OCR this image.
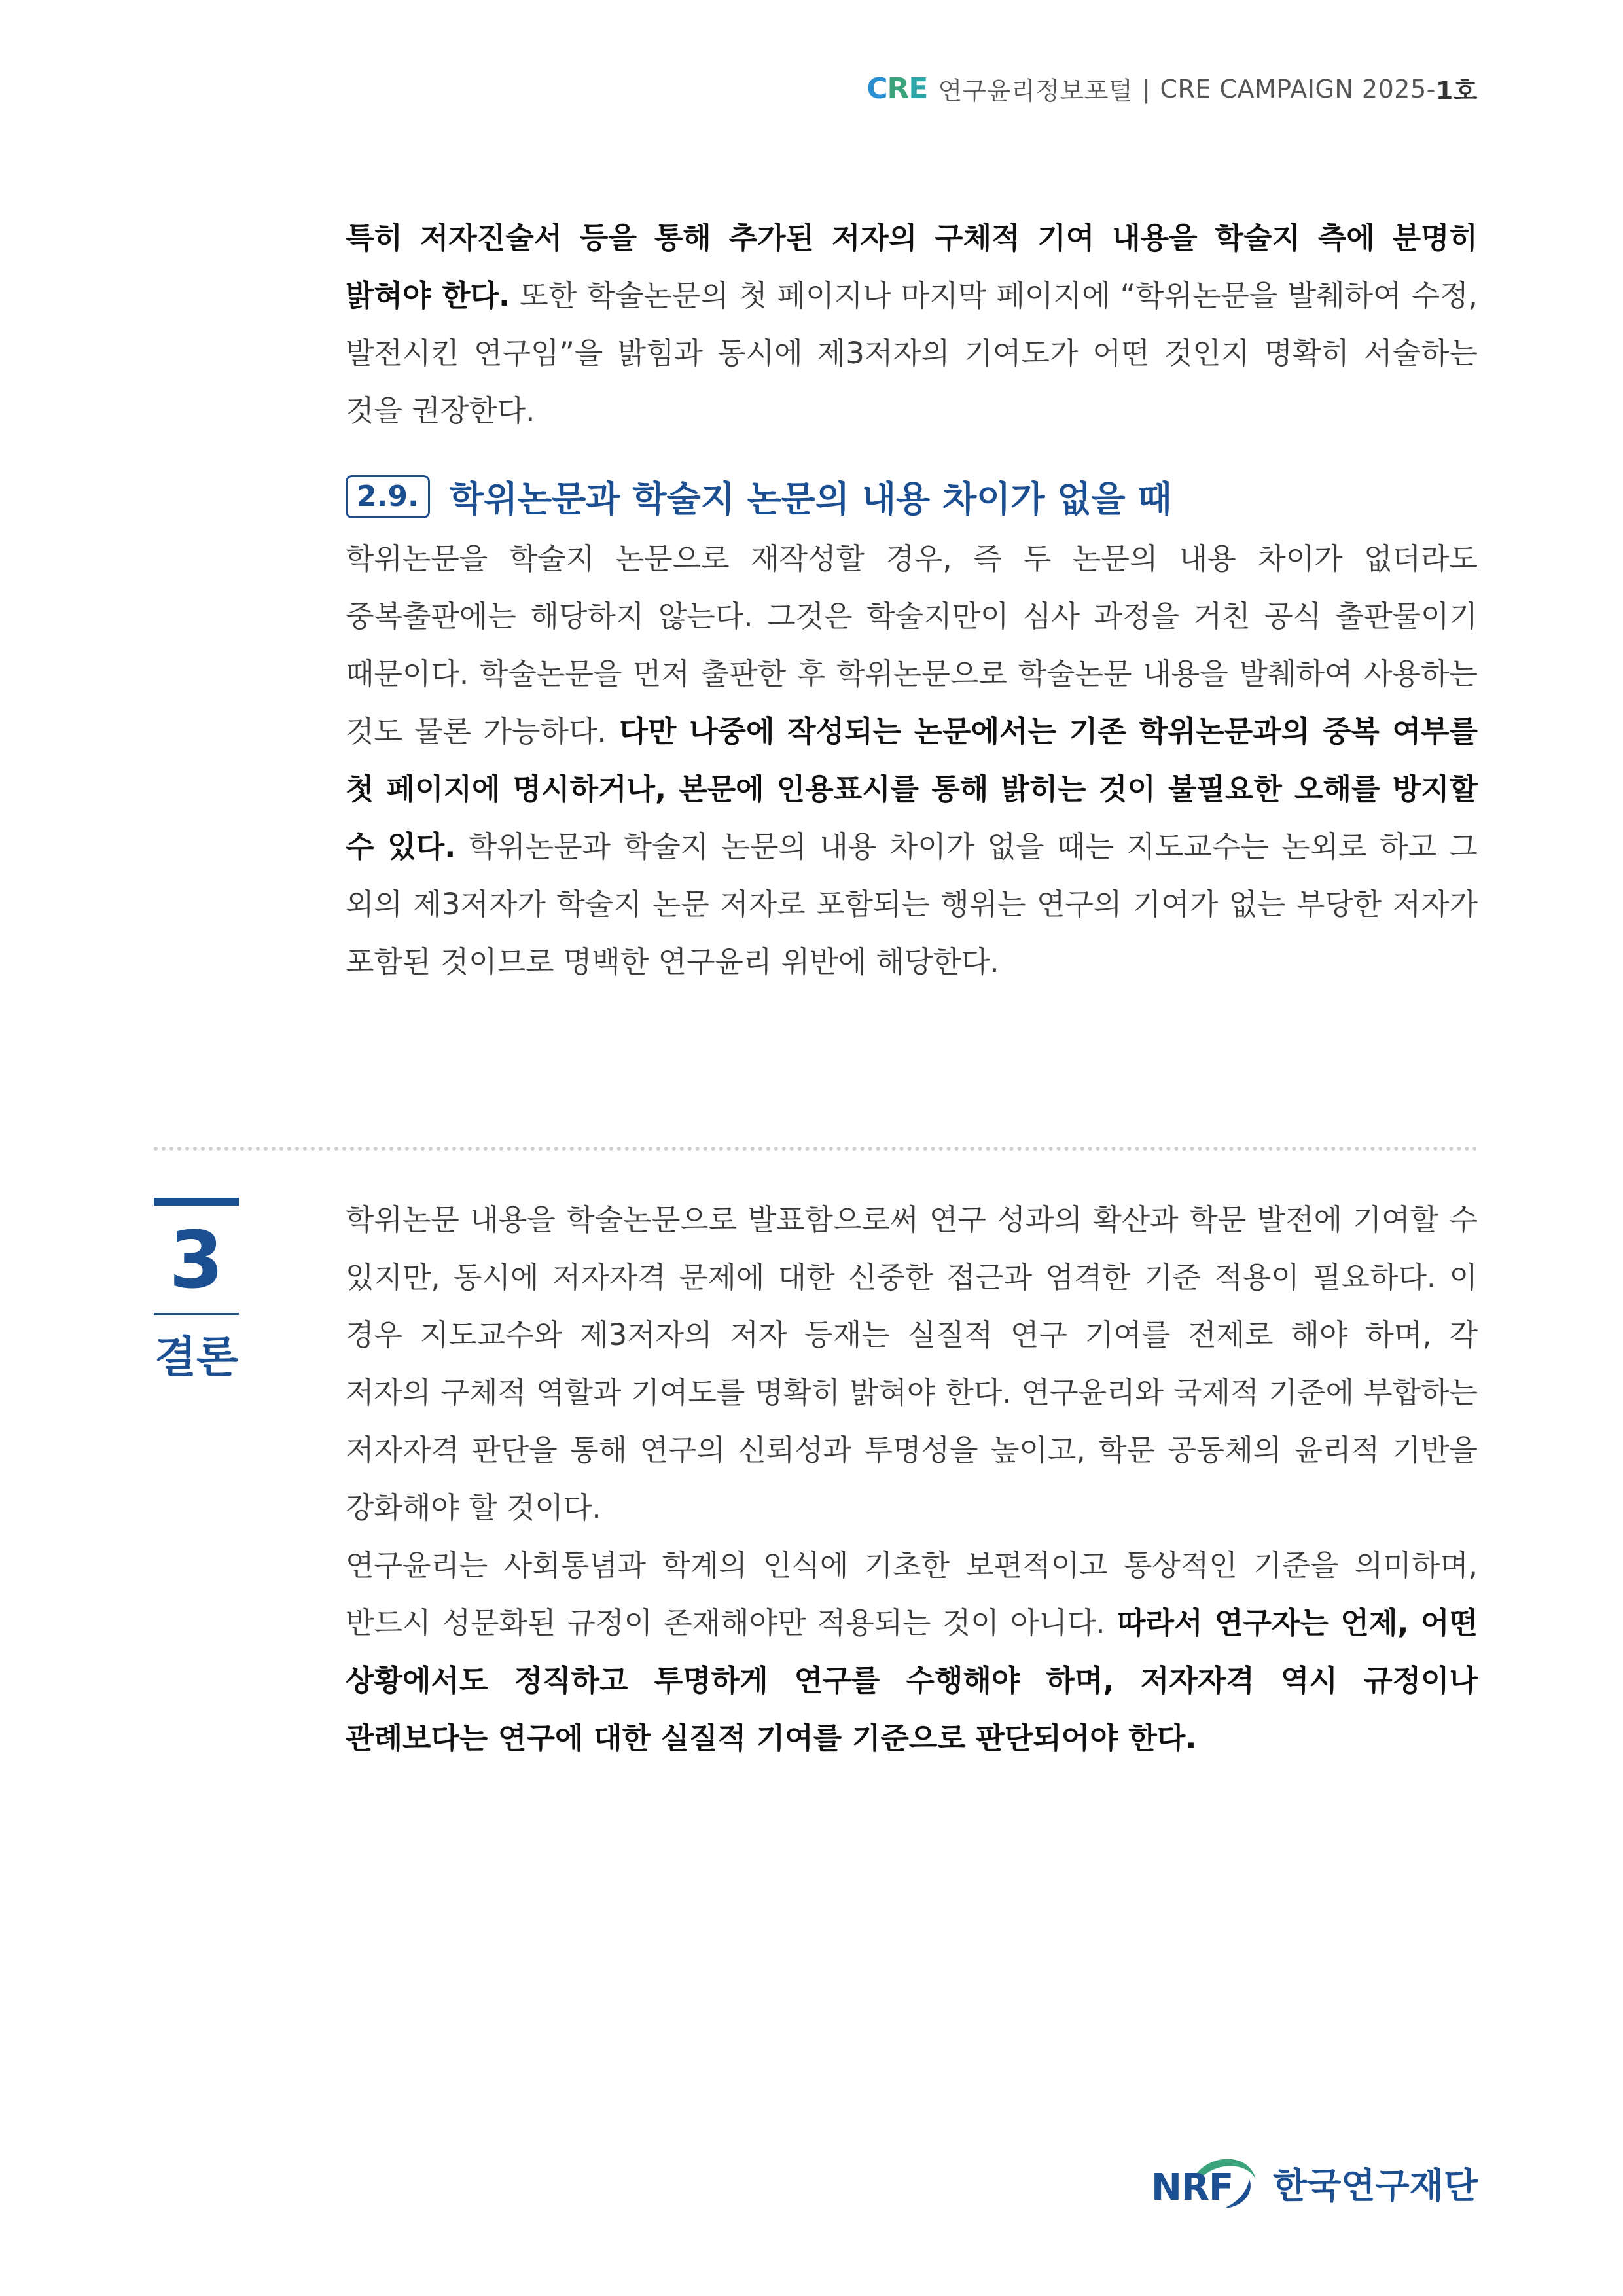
CRE 연구윤리정보포털 | CRE CAMPAIGN 2025- 1호

특히 저자진술서 등을 통해 추가된 저자의 구체적 기여 내용을 학술지 측에 분명히 밝혀야 한다. 또한 학술논문의 첫 페이지나 마지막 페이지에 “학위논문을 발췌하여 수정, 발전시킨 연구임”을 밝힘과 동시에 제3저자의 기여도가 어떤 것인지 명확히 서술하는 것을 권장한다.

2.9. 학위논문과 학술지 논문의 내용 차이가 없을 때

학위논문을 학술지 논문으로 재작성할 경우, 즉 두 논문의 내용 차이가 없더라도 중복출판에는 해당하지 않는다. 그것은 학술지만이 심사 과정을 거친 공식 출판물이기 때문이다. 학술논문을 먼저 출판한 후 학위논문으로 학술논문 내용을 발췌하여 사용하는 것도 물론 가능하다. 다만 나중에 작성되는 논문에서는 기존 학위논문과의 중복 여부를 첫 페이지에 명시하거나, 본문에 인용표시를 통해 밝히는 것이 불필요한 오해를 방지할 수 있다. 학위논문과 학술지 논문의 내용 차이가 없을 때는 지도교수는 논외로 하고 그 외의 제3저자가 학술지 논문 저자로 포함되는 행위는 연구의 기여가 없는 부당한 저자가 포함된 것이므로 명백한 연구윤리 위반에 해당한다.

3
결론

학위논문 내용을 학술논문으로 발표함으로써 연구 성과의 확산과 학문 발전에 기여할 수 있지만, 동시에 저자자격 문제에 대한 신중한 접근과 엄격한 기준 적용이 필요하다. 이 경우 지도교수와 제3저자의 저자 등재는 실질적 연구 기여를 전제로 해야 하며, 각 저자의 구체적 역할과 기여도를 명확히 밝혀야 한다. 연구윤리와 국제적 기준에 부합하는 저자자격 판단을 통해 연구의 신뢰성과 투명성을 높이고, 학문 공동체의 윤리적 기반을 강화해야 할 것이다.

연구윤리는 사회통념과 학계의 인식에 기초한 보편적이고 통상적인 기준을 의미하며, 반드시 성문화된 규정이 존재해야만 적용되는 것이 아니다. 따라서 연구자는 언제, 어떤 상황에서도 정직하고 투명하게 연구를 수행해야 하며, 저자자격 역시 규정이나 관례보다는 연구에 대한 실질적 기여를 기준으로 판단되어야 한다.

NRF 한국연구재단
